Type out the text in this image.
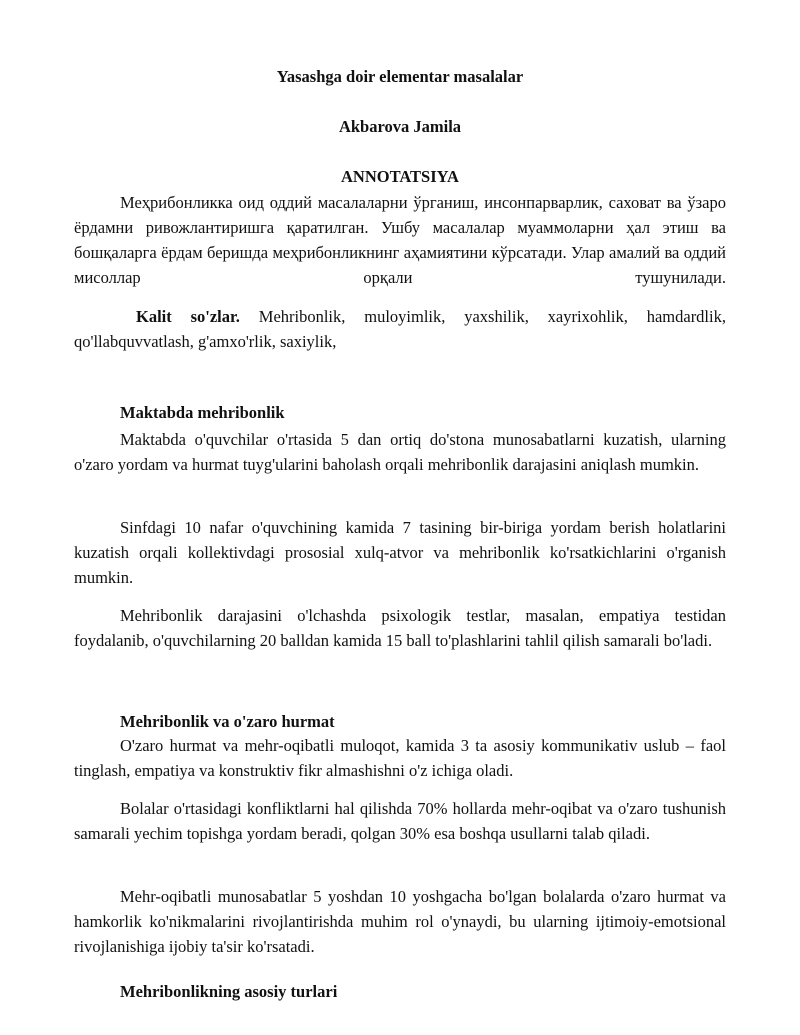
Yasashga doir elementar masalalar
Akbarova Jamila
ANNOTATSIYA
Меҳрибонликка оид оддий масалаларни ўрганиш, инсонпарварлик, саховат ва ўзаро ёрдамни ривожлантиришга қаратилган. Ушбу масалалар муаммоларни ҳал этиш ва бошқаларга ёрдам беришда меҳрибонликнинг аҳамиятини кўрсатади. Улар амалий ва оддий мисоллар орқали тушунилади.
Kalit so'zlar. Mehribonlik, muloyimlik, yaxshilik, xayrixohlik, hamdardlik, qo'llabquvvatlash, g'amxo'rlik, saxiylik,
Maktabda mehribonlik
Maktabda o'quvchilar o'rtasida 5 dan ortiq do'stona munosabatlarni kuzatish, ularning o'zaro yordam va hurmat tuyg'ularini baholash orqali mehribonlik darajasini aniqlash mumkin.
Sinfdagi 10 nafar o'quvchining kamida 7 tasining bir-biriga yordam berish holatlarini kuzatish orqali kollektivdagi prososial xulq-atvor va mehribonlik ko'rsatkichlarini o'rganish mumkin.
Mehribonlik darajasini o'lchashda psixologik testlar, masalan, empatiya testidan foydalanib, o'quvchilarning 20 balldan kamida 15 ball to'plashlarini tahlil qilish samarali bo'ladi.
Mehribonlik va o'zaro hurmat
O'zaro hurmat va mehr-oqibatli muloqot, kamida 3 ta asosiy kommunikativ uslub – faol tinglash, empatiya va konstruktiv fikr almashishni o'z ichiga oladi.
Bolalar o'rtasidagi konfliktlarni hal qilishda 70% hollarda mehr-oqibat va o'zaro tushunish samarali yechim topishga yordam beradi, qolgan 30% esa boshqa usullarni talab qiladi.
Mehr-oqibatli munosabatlar 5 yoshdan 10 yoshgacha bo'lgan bolalarda o'zaro hurmat va hamkorlik ko'nikmalarini rivojlantirishda muhim rol o'ynaydi, bu ularning ijtimoiy-emotsional rivojlanishiga ijobiy ta'sir ko'rsatadi.
Mehribonlikning asosiy turlari
